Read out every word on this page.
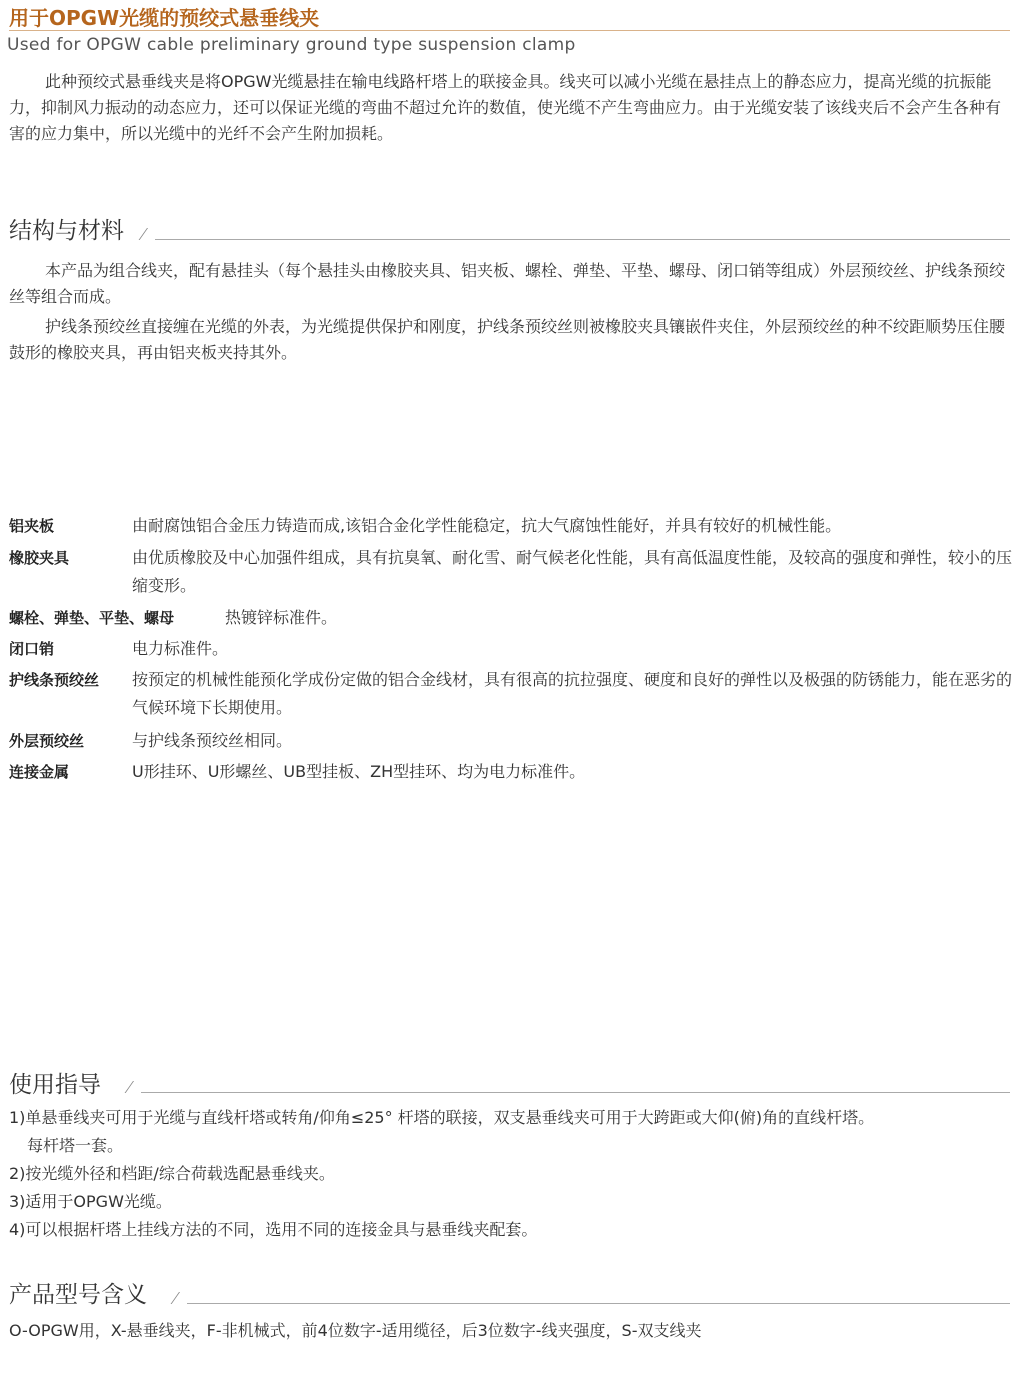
用于OPGW光缆的预绞式悬垂线夹
Used for OPGW cable preliminary ground type suspension clamp

此种预绞式悬垂线夹是将OPGW光缆悬挂在输电线路杆塔上的联接金具。线夹可以减小光缆在悬挂点上的静态应力，提高光缆的抗振能力，抑制风力振动的动态应力，还可以保证光缆的弯曲不超过允许的数值，使光缆不产生弯曲应力。由于光缆安装了该线夹后不会产生各种有害的应力集中，所以光缆中的光纤不会产生附加损耗。

结构与材料

本产品为组合线夹，配有悬挂头（每个悬挂头由橡胶夹具、铝夹板、螺栓、弹垫、平垫、螺母、闭口销等组成）外层预绞丝、护线条预绞丝等组合而成。

护线条预绞丝直接缠在光缆的外表，为光缆提供保护和刚度，护线条预绞丝则被橡胶夹具镶嵌件夹住，外层预绞丝的种不绞距顺势压住腰鼓形的橡胶夹具，再由铝夹板夹持其外。

铝夹板	由耐腐蚀铝合金压力铸造而成,该铝合金化学性能稳定，抗大气腐蚀性能好，并具有较好的机械性能。
橡胶夹具	由优质橡胶及中心加强件组成，具有抗臭氧、耐化雪、耐气候老化性能，具有高低温度性能，及较高的强度和弹性，较小的压缩变形。
螺栓、弹垫、平垫、螺母	热镀锌标准件。
闭口销	电力标准件。
护线条预绞丝 按预定的机械性能预化学成份定做的铝合金线材，具有很高的抗拉强度、硬度和良好的弹性以及极强的防锈能力，能在恶劣的气候环境下长期使用。
外层预绞丝	与护线条预绞丝相同。
连接金属	U形挂环、U形螺丝、UB型挂板、ZH型挂环、均为电力标准件。
使用指导
1)单悬垂线夹可用于光缆与直线杆塔或转角/仰角≤25° 杆塔的联接，双支悬垂线夹可用于大跨距或大仰(俯)角的直线杆塔。
每杆塔一套。
2)按光缆外径和档距/综合荷载选配悬垂线夹。
3)适用于OPGW光缆。
4)可以根据杆塔上挂线方法的不同，选用不同的连接金具与悬垂线夹配套。
产品型号含义
O-OPGW用，X-悬垂线夹，F-非机械式，前4位数字-适用缆径，后3位数字-线夹强度，S-双支线夹
